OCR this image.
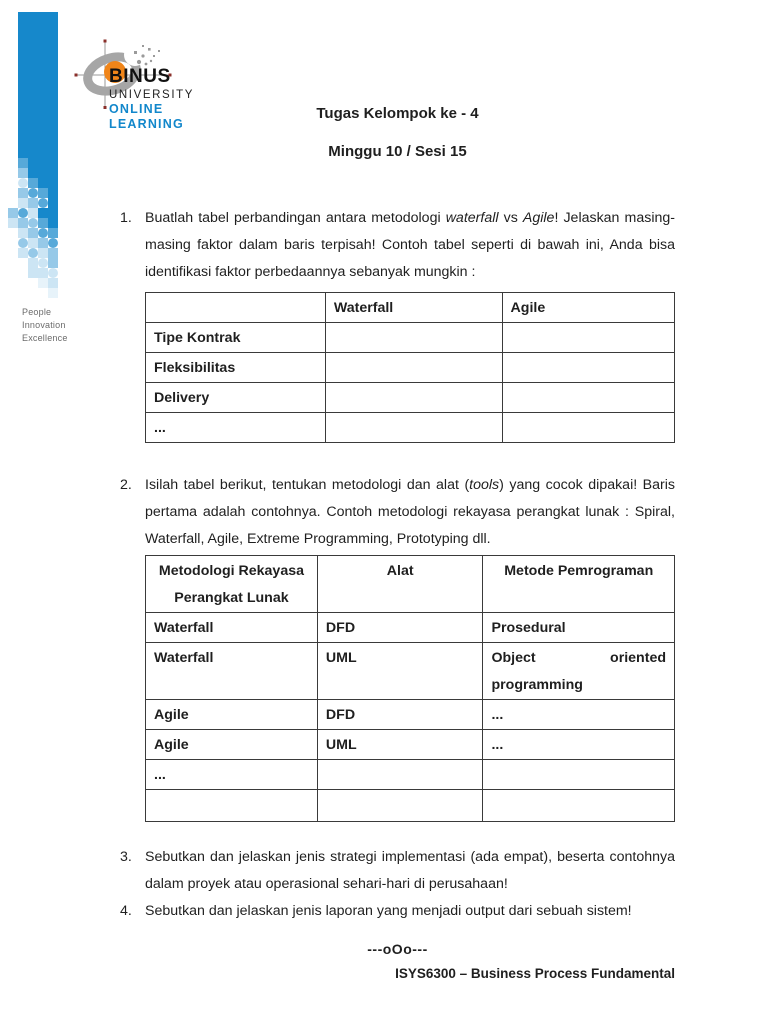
People
Innovation
Excellence
BINUS
UNIVERSITY
ONLINE
LEARNING
Tugas Kelompok ke - 4
Minggu 10 / Sesi 15
1. Buatlah tabel perbandingan antara metodologi waterfall vs Agile! Jelaskan masing-masing faktor dalam baris terpisah! Contoh tabel seperti di bawah ini, Anda bisa identifikasi faktor perbedaannya sebanyak mungkin :
	Waterfall	Agile
Tipe Kontrak		
Fleksibilitas		
Delivery		
...		
2. Isilah tabel berikut, tentukan metodologi dan alat (tools) yang cocok dipakai! Baris pertama adalah contohnya. Contoh metodologi rekayasa perangkat lunak : Spiral, Waterfall, Agile, Extreme Programming, Prototyping dll.
Metodologi Rekayasa Perangkat Lunak	Alat	Metode Pemrograman
Waterfall	DFD	Prosedural
Waterfall	UML	Object oriented programming
Agile	DFD	...
Agile	UML	...
...		

3. Sebutkan dan jelaskan jenis strategi implementasi (ada empat), beserta contohnya dalam proyek atau operasional sehari-hari di perusahaan!
4. Sebutkan dan jelaskan jenis laporan yang menjadi output dari sebuah sistem!
---oOo---
ISYS6300 – Business Process Fundamental
